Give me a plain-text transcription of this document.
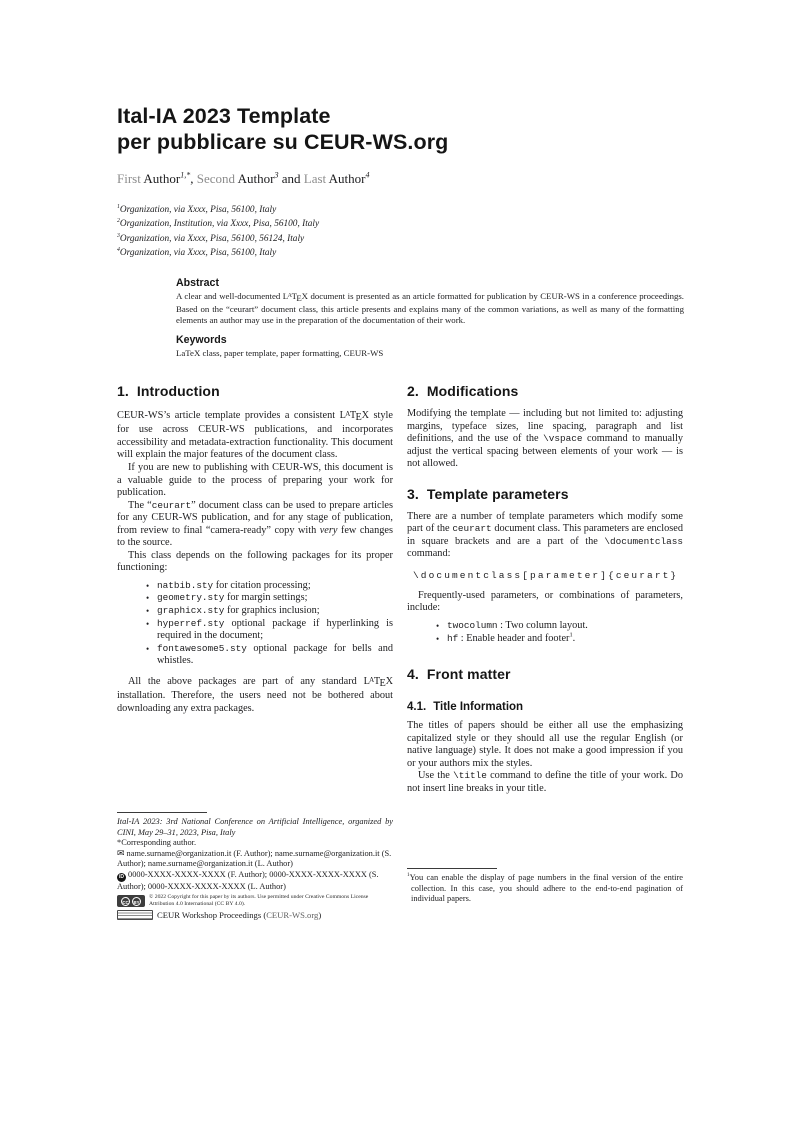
Ital-IA 2023 Template
per pubblicare su CEUR-WS.org

First Author$^{1,*}$, Second Author$^3$ and Last Author$^4$

$^1$Organization, via Xxxx, Pisa, 56100, Italy

$^2$Organization, Institution, via Xxxx, Pisa, 56100, Italy

$^3$Organization, via Xxxx, Pisa, 56100, 56124, Italy

$^4$Organization, via Xxxx, Pisa, 56100, Italy

Abstract

A clear and well-documented LATEX document is presented as an article formatted for publication by CEUR-WS in a conference proceedings. Based on the “ceurart” document class, this article presents and explains many of the common variations, as well as many of the formatting elements an author may use in the preparation of the documentation of their work.

Keywords

LaTeX class, paper template, paper formatting, CEUR-WS

1. Introduction

CEUR-WS’s article template provides a consistent LATEX style for use across CEUR-WS publications, and incorporates accessibility and metadata-extraction functionality. This document will explain the major features of the document class.

If you are new to publishing with CEUR-WS, this document is a valuable guide to the process of preparing your work for publication.

The “ceurart” document class can be used to prepare articles for any CEUR-WS publication, and for any stage of publication, from review to final “camera-ready” copy with very few changes to the source.

This class depends on the following packages for its proper functioning:

• natbib.sty for citation processing;
• geometry.sty for margin settings;
• graphicx.sty for graphics inclusion;
• hyperref.sty optional package if hyperlinking is required in the document;
• fontawesome5.sty optional package for bells and whistles.

All the above packages are part of any standard LATEX installation. Therefore, the users need not be bothered about downloading any extra packages.

Ital-IA 2023: 3rd National Conference on Artificial Intelligence, organized by CINI, May 29–31, 2023, Pisa, Italy

*Corresponding author.

✉ name.surname@organization.it (F. Author); name.surname@organization.it (S. Author); name.surname@organization.it (L. Author)

iD 0000-XXXX-XXXX-XXXX (F. Author); 0000-XXXX-XXXX-XXXX (S. Author); 0000-XXXX-XXXX-XXXX (L. Author)

CC	BY
© 2022 Copyright for this paper by its authors. Use permitted under Creative Commons License
Attribution 4.0 International (CC BY 4.0).
CEUR Workshop Proceedings (CEUR-WS.org)
2. Modifications

Modifying the template — including but not limited to: adjusting margins, typeface sizes, line spacing, paragraph and list definitions, and the use of the \vspace command to manually adjust the vertical spacing between elements of your work — is not allowed.

3. Template parameters

There are a number of template parameters which modify some part of the ceurart document class. This parameters are enclosed in square brackets and are a part of the \documentclass command:

\documentclass[parameter]{ceurart}

Frequently-used parameters, or combinations of parameters, include:

• twocolumn : Two column layout.
• hf : Enable header and footer$^1$.
4. Front matter
4.1. Title Information

The titles of papers should be either all use the emphasizing capitalized style or they should all use the regular English (or native language) style. It does not make a good impression if you or your authors mix the styles.

Use the \title command to define the title of your work. Do not insert line breaks in your title.

$^1$You can enable the display of page numbers in the final version of the entire collection. In this case, you should adhere to the end-to-end pagination of individual papers.
